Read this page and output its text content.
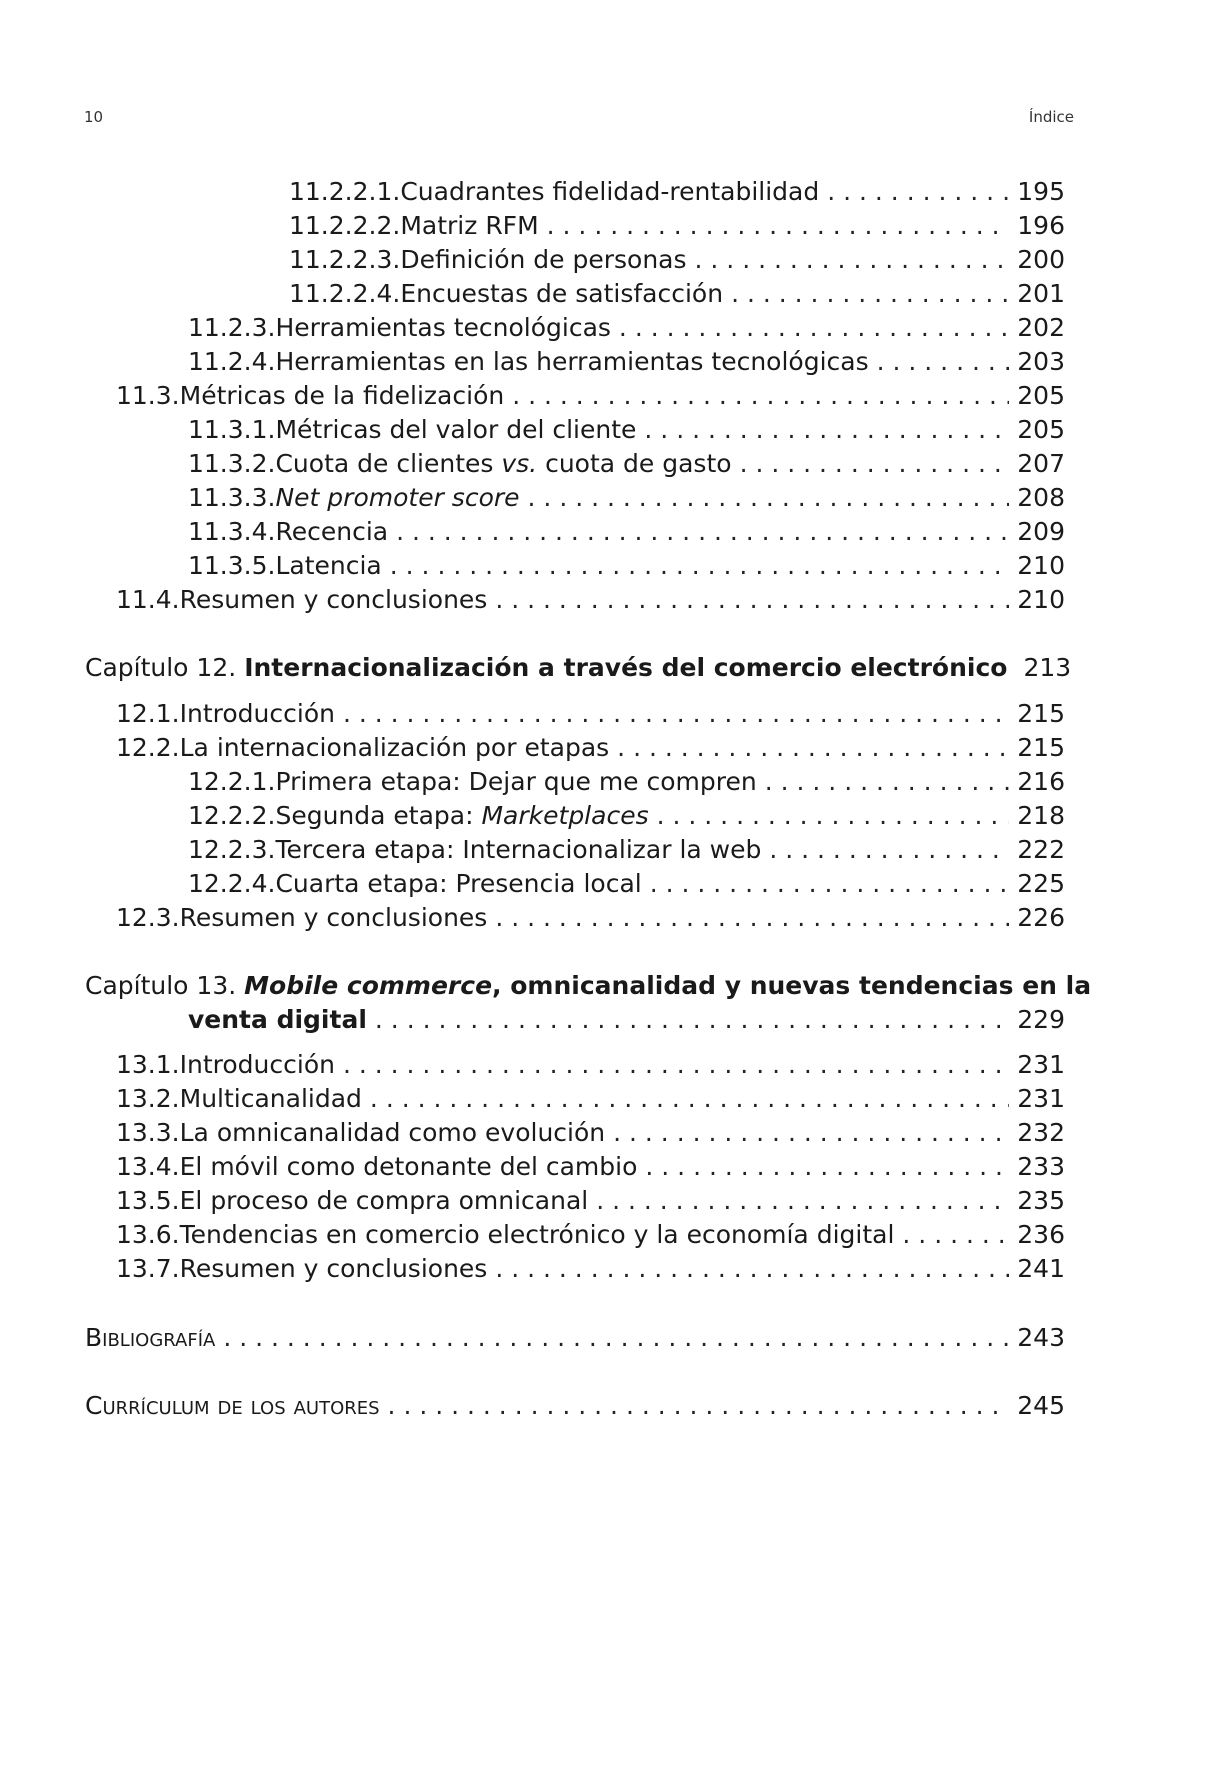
10	Índice
11.2.2.1. Cuadrantes fidelidad-rentabilidad . . .	195
11.2.2.2. Matriz RFM . . .	196
11.2.2.3. Definición de personas . . .	200
11.2.2.4. Encuestas de satisfacción . . .	201
11.2.3. Herramientas tecnológicas . . .	202
11.2.4. Herramientas en las herramientas tecnológicas . . .	203
11.3. Métricas de la fidelización . . .	205
11.3.1. Métricas del valor del cliente . . .	205
11.3.2. Cuota de clientes vs. cuota de gasto . . .	207
11.3.3. Net promoter score . . .	208
11.3.4. Recencia . . .	209
11.3.5. Latencia . . .	210
11.4. Resumen y conclusiones . . .	210
Capítulo 12. Internacionalización a través del comercio electrónico 213
12.1. Introducción . . .	215
12.2. La internacionalización por etapas . . .	215
12.2.1. Primera etapa: Dejar que me compren . . .	216
12.2.2. Segunda etapa: Marketplaces . . .	218
12.2.3. Tercera etapa: Internacionalizar la web . . .	222
12.2.4. Cuarta etapa: Presencia local . . .	225
12.3. Resumen y conclusiones . . .	226
Capítulo 13. Mobile commerce, omnicanalidad y nuevas tendencias en la
venta digital . . .	229
13.1. Introducción . . .	231
13.2. Multicanalidad . . .	231
13.3. La omnicanalidad como evolución . . .	232
13.4. El móvil como detonante del cambio . . .	233
13.5. El proceso de compra omnicanal . . .	235
13.6. Tendencias en comercio electrónico y la economía digital . . .	236
13.7. Resumen y conclusiones . . .	241
Bibliografía . . .	243
Currículum de los autores . . .	245
